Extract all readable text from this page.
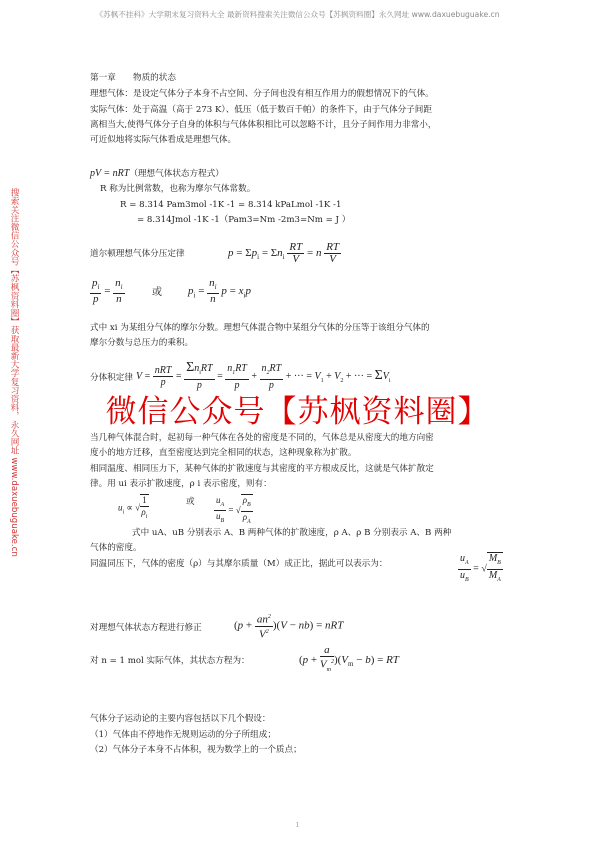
《苏枫不挂科》大学期末复习资料大全 最新资料搜索关注微信公众号【苏枫资料圈】永久网址 www.daxuebuguake.cn
搜索关注微信公众号【苏枫资料圈】获取最新大学复习资料，永久网址 www.daxuebuguake.cn
第一章　　物质的状态
理想气体：是设定气体分子本身不占空间、分子间也没有相互作用力的假想情况下的气体。
实际气体：处于高温（高于 273 K）、低压（低于数百千帕）的条件下，由于气体分子间距
离相当大,使得气体分子自身的体积与气体体积相比可以忽略不计，且分子间作用力非常小，
可近似地将实际气体看成是理想气体。
pV = nRT（理想气体状态方程式）
R 称为比例常数，也称为摩尔气体常数。
R = 8.314 Pam3mol -1K -1 = 8.314 kPaLmol -1K -1
= 8.314Jmol -1K -1（Pam3=Nm -2m3=Nm = J ）
道尔顿理想气体分压定律	$p = \Sigma p_i = \Sigma n_i \frac{RT}{V} = n \frac{RT}{V}$
$\frac{p_i}{p} = \frac{n_i}{n}$	或	$p_i = \frac{n_i}{n}$ $p = x_ip$
式中 xi 为某组分气体的摩尔分数。理想气体混合物中某组分气体的分压等于该组分气体的
摩尔分数与总压力的乘积。
分体积定律 $V = \frac{\text{nRT}}{p} = \frac{\Sigma n_iRT}{p} = \frac{n_1RT}{p} + \frac{n_2RT}{p}$ + ··· = $V_1 + V_2$ + ··· = $\Sigma V_i$
当几种气体混合时，起初每一种气体在各处的密度是不同的，气体总是从密度大的地方向密
度小的地方迁移，直至密度达到完全相同的状态，这种现象称为扩散。
相同温度、相同压力下，某种气体的扩散速度与其密度的平方根成反比，这就是气体扩散定
律。用 ui 表示扩散速度，ρ i 表示密度，则有：
$u_i$ ∝ √ $\frac{1}{\rho_i}$	或	$\frac{u_A}{u_B}$ = √ $\frac{\rho_B}{\rho_A}$
式中 uA、uB 分别表示 A、B 两种气体的扩散速度，ρ A、ρ B 分别表示 A、B 两种
气体的密度。
同温同压下，气体的密度（ρ）与其摩尔质量（M）成正比，据此可以表示为：	$\frac{u_A}{u_B}$ = √ $\frac{M_B}{M_A}$
对理想气体状态方程进行修正	$(p + \frac{an^2}{V^2} )(V - nb)$ = nRT
对 n = 1 mol 实际气体，其状态方程为：	$(p + \frac{a}{V_m^2} )(V_m - b)$ = RT
气体分子运动论的主要内容包括以下几个假设：
（1）气体由不停地作无规则运动的分子所组成；
（2）气体分子本身不占体积，视为数学上的一个质点；
微信公众号【苏枫资料圈】
1
